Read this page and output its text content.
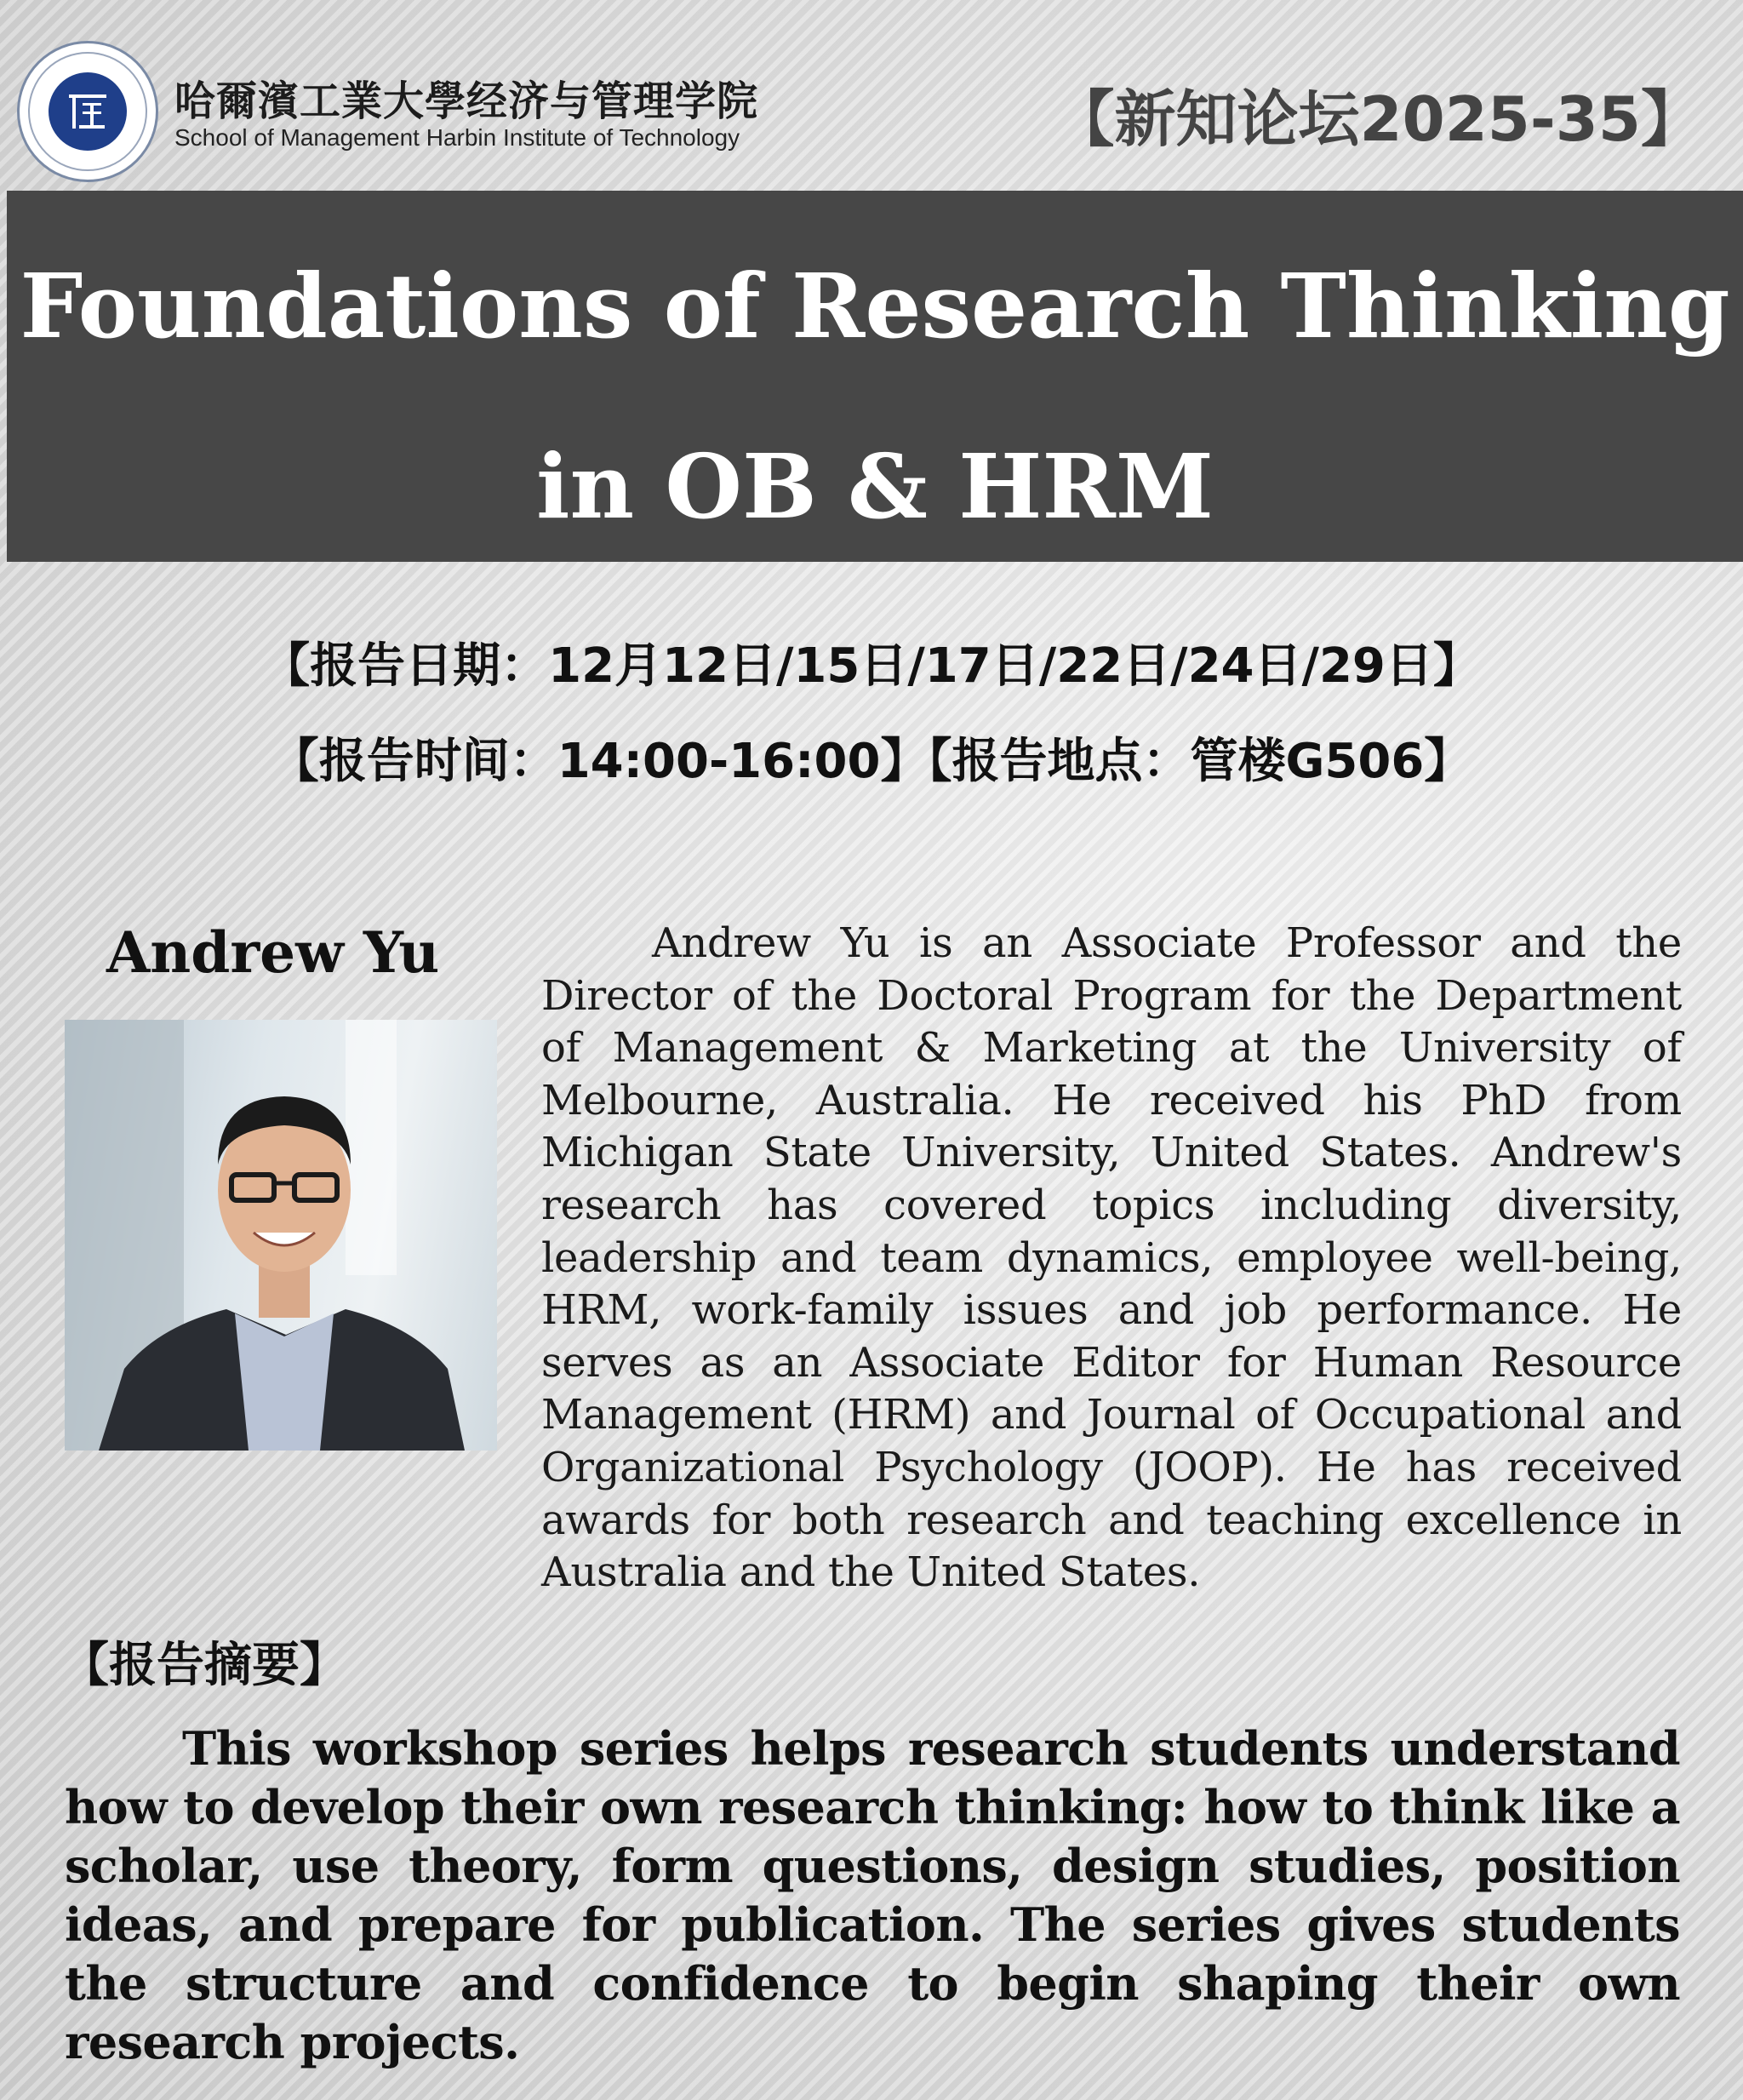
哈爾濱工業大學经济与管理学院
School of Management Harbin Institute of Technology	【新知论坛2025-35】
Foundations of Research Thinking
in OB & HRM
【报告日期：12月12日/15日/17日/22日/24日/29日】
【报告时间：14:00-16:00】【报告地点：管楼G506】
Andrew Yu	Andrew Yu is an Associate Professor and the Director of the Doctoral Program for the Department of Management & Marketing at the University of Melbourne, Australia. He received his PhD from Michigan State University, United States. Andrew's research has covered topics including diversity, leadership and team dynamics, employee well-being, HRM, work-family issues and job performance. He serves as an Associate Editor for Human Resource Management (HRM) and Journal of Occupational and Organizational Psychology (JOOP). He has received awards for both research and teaching excellence in Australia and the United States.
【报告摘要】
This workshop series helps research students understand how to develop their own research thinking: how to think like a scholar, use theory, form questions, design studies, position ideas, and prepare for publication. The series gives students the structure and confidence to begin shaping their own research projects.
